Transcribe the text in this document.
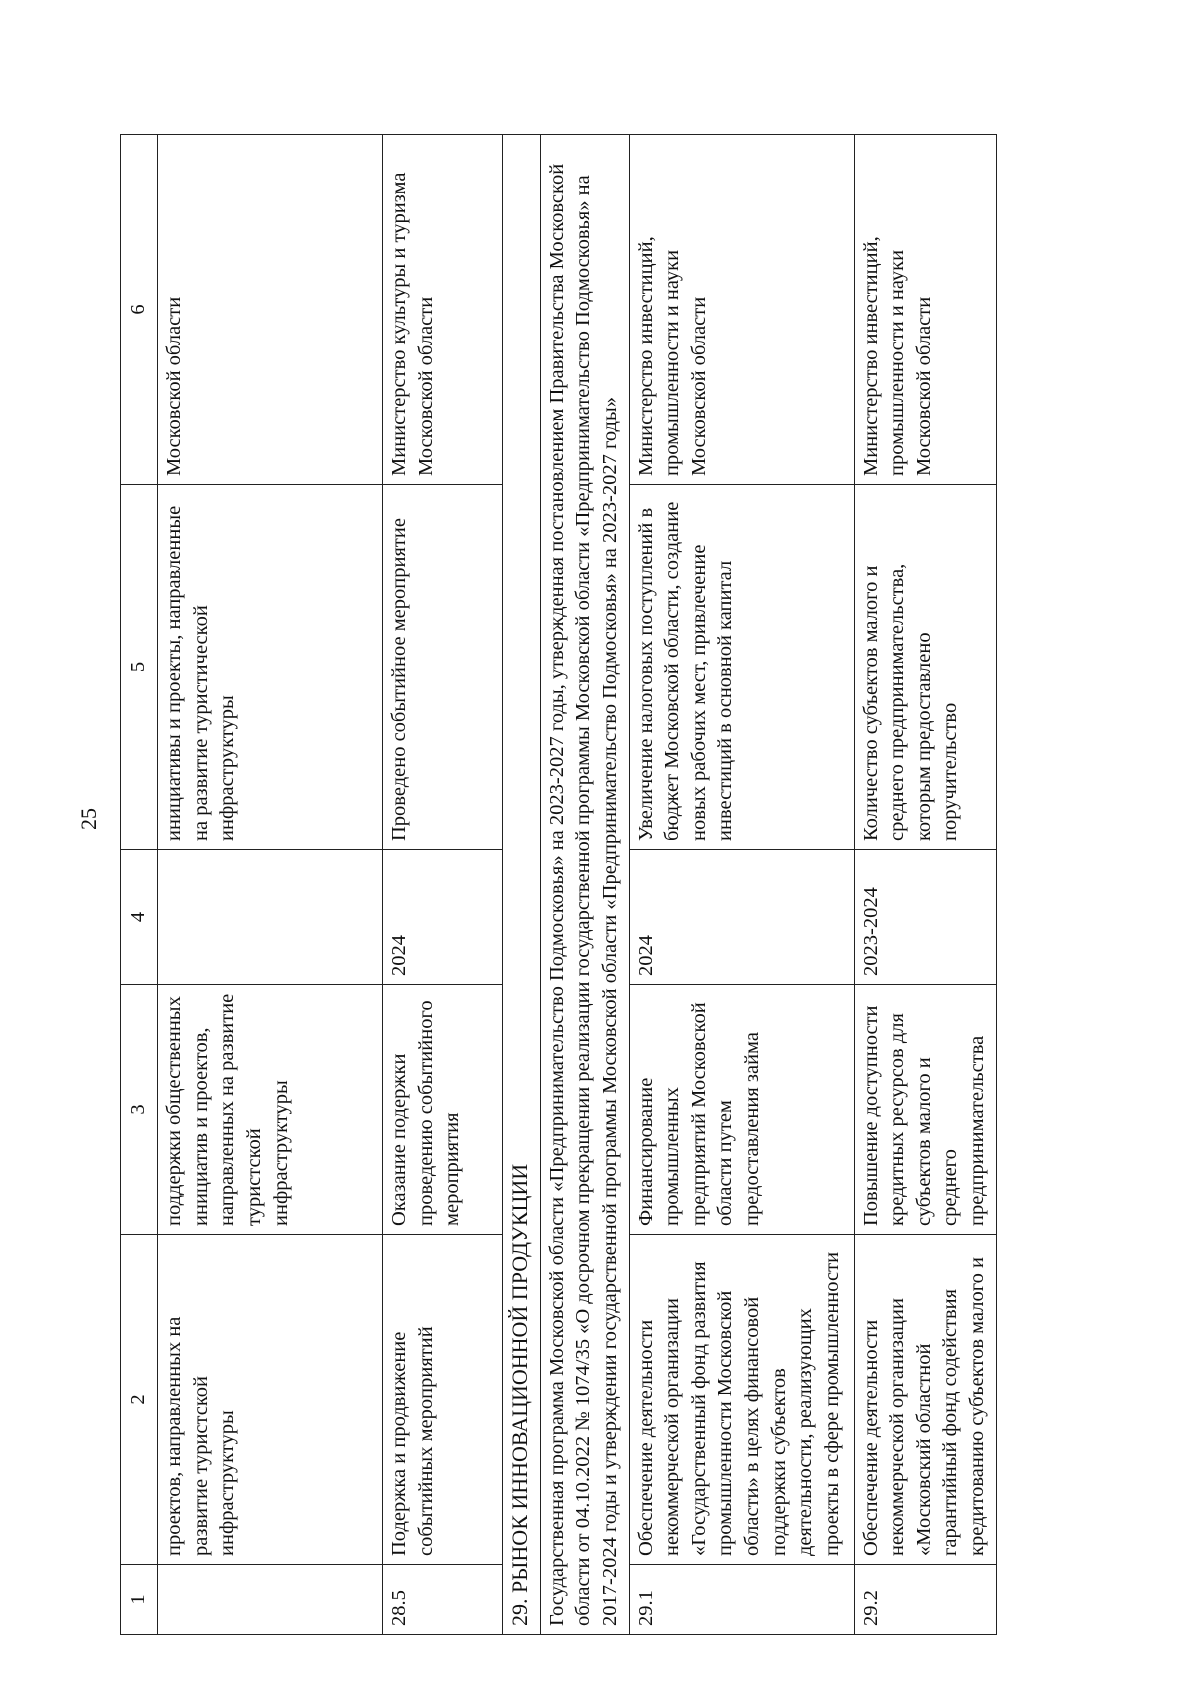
25
1	2	3	4	5	6
	проектов, направленных на развитие туристской инфраструктуры	поддержки общественных инициатив и проектов, направленных на развитие туристской инфраструктуры		инициативы и проекты, направленные на развитие туристической инфраструктуры	Московской области
28.5	Подержка и продвижение событийных мероприятий	Оказание подержки проведению событийного мероприятия	2024	Проведено событийное мероприятие	Министерство культуры и туризма Московской области
29. РЫНОК ИННОВАЦИОННОЙ ПРОДУКЦИИ					
Государственная программа Московской области «Предпринимательство Подмосковья» на 2023-2027 годы, утвержденная постановлением Правительства Московской области от 04.10.2022 № 1074/35 «О досрочном прекращении реализации государственной программы Московской области «Предпринимательство Подмосковья» на 2017-2024 годы и утверждении государственной программы Московской области «Предпринимательство Подмосковья» на 2023-2027 годы»					
29.1	Обеспечение деятельности некоммерческой организации «Государственный фонд развития промышленности Московской области» в целях финансовой поддержки субъектов деятельности, реализующих проекты в сфере промышленности	Финансирование промышленных предприятий Московской области путем предоставления займа	2024	Увеличение налоговых поступлений в бюджет Московской области, создание новых рабочих мест, привлечение инвестиций в основной капитал	Министерство инвестиций, промышленности и науки Московской области
29.2	Обеспечение деятельности некоммерческой организации «Московский областной гарантийный фонд содействия кредитованию субъектов малого и	Повышение доступности кредитных ресурсов для субъектов малого и среднего предпринимательства	2023-2024	Количество субъектов малого и среднего предпринимательства, которым предоставлено поручительство	Министерство инвестиций, промышленности и науки Московской области
